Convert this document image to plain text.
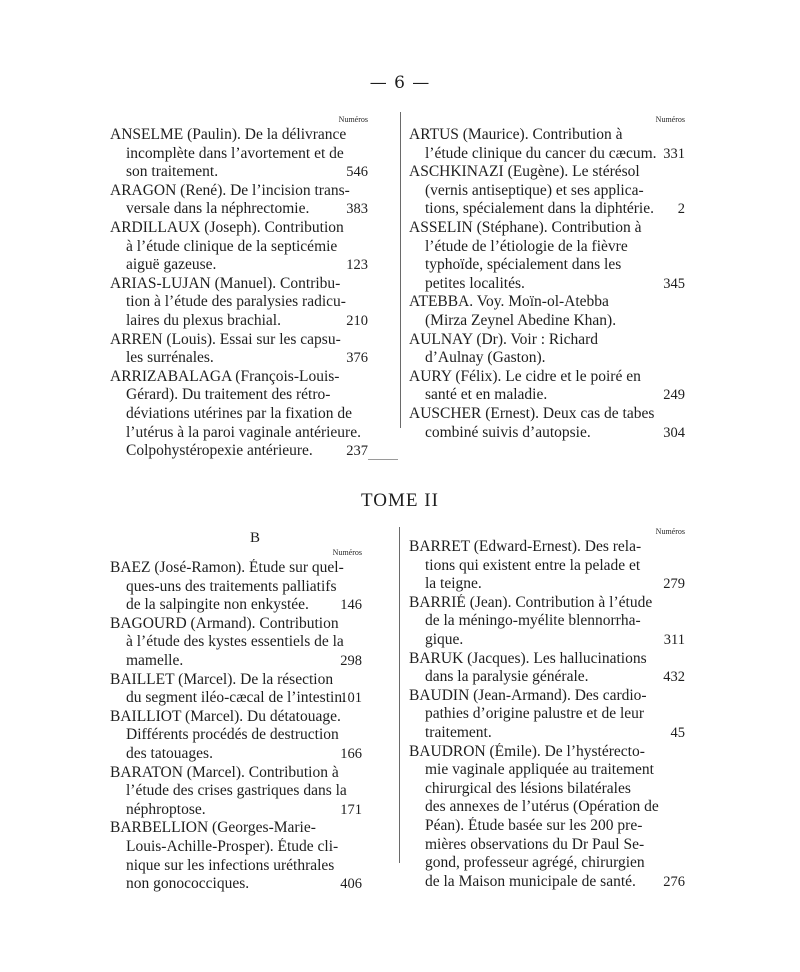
— 6 —
Numéros
ANSELME (Paulin). De la délivrance
incomplète dans l’avortement et de
son traitement.	546
ARAGON (René). De l’incision trans-
versale dans la néphrectomie.	383
ARDILLAUX (Joseph). Contribution
à l’étude clinique de la septicémie
aiguë gazeuse.	123
ARIAS-LUJAN (Manuel). Contribu-
tion à l’étude des paralysies radicu-
laires du plexus brachial.	210
ARREN (Louis). Essai sur les capsu-
les surrénales.	376
ARRIZABALAGA (François-Louis-
Gérard). Du traitement des rétro-
déviations utérines par la fixation de
l’utérus à la paroi vaginale antérieure.
Colpohystéropexie antérieure.	237
Numéros
ARTUS (Maurice). Contribution à
l’étude clinique du cancer du cæcum. 331
ASCHKINAZI (Eugène). Le stérésol
(vernis antiseptique) et ses applica-
tions, spécialement dans la diphtérie.	2
ASSELIN (Stéphane). Contribution à
l’étude de l’étiologie de la fièvre
typhoïde, spécialement dans les
petites localités.	345
ATEBBA. Voy. Moïn-ol-Atebba
(Mirza Zeynel Abedine Khan).
AULNAY (Dr). Voir : Richard
d’Aulnay (Gaston).
AURY (Félix). Le cidre et le poiré en
santé et en maladie.	249
AUSCHER (Ernest). Deux cas de tabes
combiné suivis d’autopsie.	304
TOME II
B
Numéros
BAEZ (José-Ramon). Étude sur quel-
ques-uns des traitements palliatifs
de la salpingite non enkystée.	146
BAGOURD (Armand). Contribution
à l’étude des kystes essentiels de la
mamelle.	298
BAILLET (Marcel). De la résection
du segment iléo-cæcal de l’intestin.
101
BAILLIOT (Marcel). Du détatouage.
Différents procédés de destruction
des tatouages.	166
BARATON (Marcel). Contribution à
l’étude des crises gastriques dans la
néphroptose.	171
BARBELLION (Georges-Marie-
Louis-Achille-Prosper). Étude cli-
nique sur les infections uréthrales
non gonococciques.	406
Numéros
BARRET (Edward-Ernest). Des rela-
tions qui existent entre la pelade et
la teigne.	279
BARRIÉ (Jean). Contribution à l’étude
de la méningo-myélite blennorrha-
gique.	311
BARUK (Jacques). Les hallucinations
dans la paralysie générale.	432
BAUDIN (Jean-Armand). Des cardio-
pathies d’origine palustre et de leur
traitement.	45
BAUDRON (Émile). De l’hystérecto-
mie vaginale appliquée au traitement
chirurgical des lésions bilatérales
des annexes de l’utérus (Opération de
Péan). Étude basée sur les 200 pre-
mières observations du Dr Paul Se-
gond, professeur agrégé, chirurgien
de la Maison municipale de santé.	276
